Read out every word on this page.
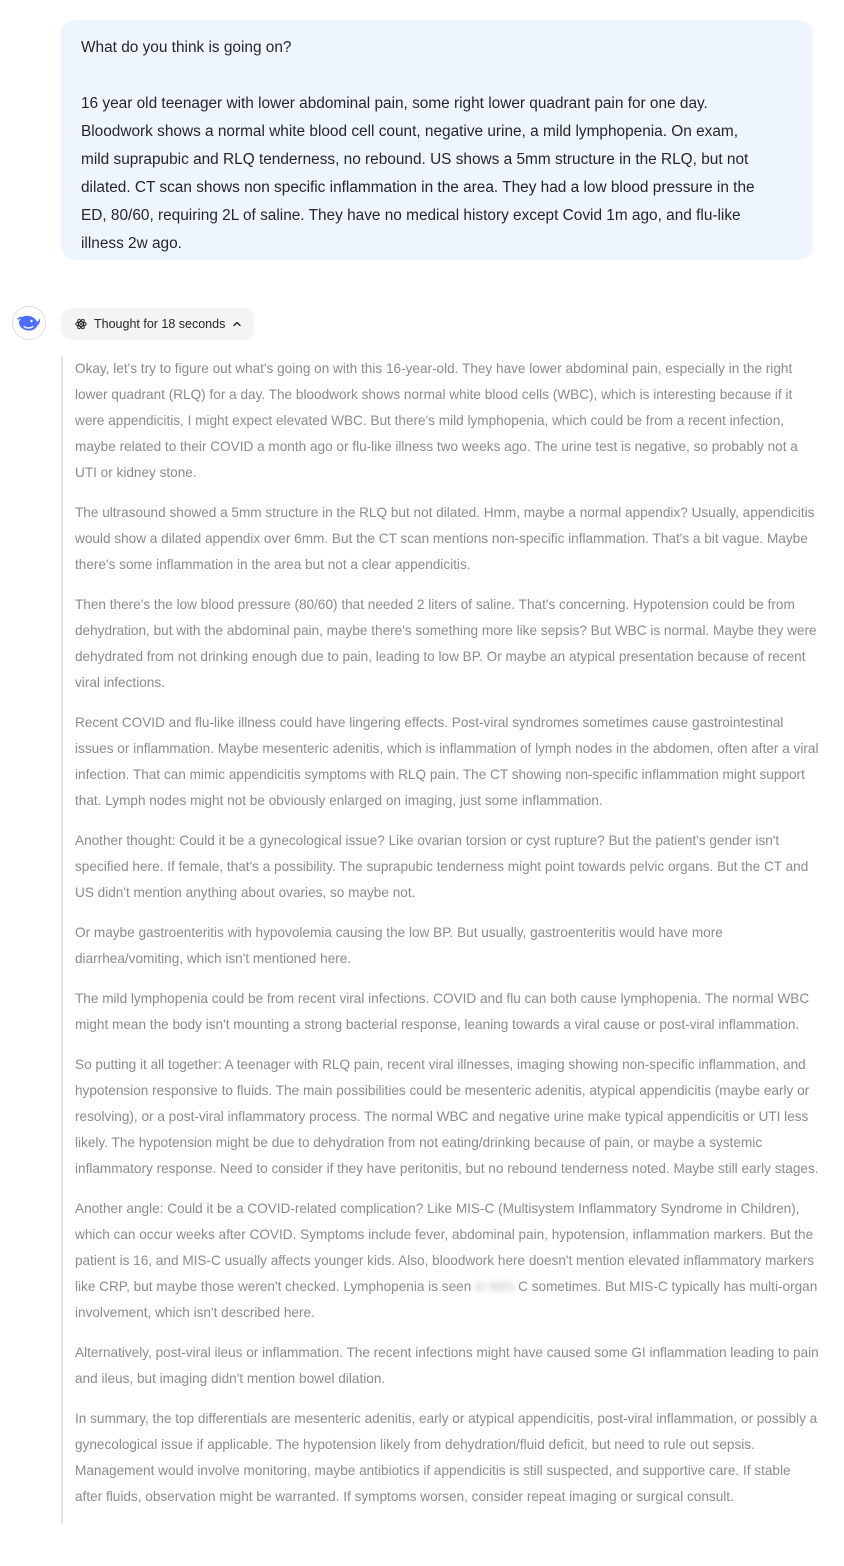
What do you think is going on?

16 year old teenager with lower abdominal pain, some right lower quadrant pain for one day.

Bloodwork shows a normal white blood cell count, negative urine, a mild lymphopenia. On exam,

mild suprapubic and RLQ tenderness, no rebound. US shows a 5mm structure in the RLQ, but not

dilated. CT scan shows non specific inflammation in the area. They had a low blood pressure in the

ED, 80/60, requiring 2L of saline. They have no medical history except Covid 1m ago, and flu-like

illness 2w ago.

Thought for 18 seconds

Okay, let's try to figure out what's going on with this 16-year-old. They have lower abdominal pain, especially in the right lower quadrant (RLQ) for a day. The bloodwork shows normal white blood cells (WBC), which is interesting because if it were appendicitis, I might expect elevated WBC. But there's mild lymphopenia, which could be from a recent infection, maybe related to their COVID a month ago or flu-like illness two weeks ago. The urine test is negative, so probably not a UTI or kidney stone.

The ultrasound showed a 5mm structure in the RLQ but not dilated. Hmm, maybe a normal appendix? Usually, appendicitis would show a dilated appendix over 6mm. But the CT scan mentions non-specific inflammation. That's a bit vague. Maybe there's some inflammation in the area but not a clear appendicitis.

Then there's the low blood pressure (80/60) that needed 2 liters of saline. That's concerning. Hypotension could be from dehydration, but with the abdominal pain, maybe there's something more like sepsis? But WBC is normal. Maybe they were dehydrated from not drinking enough due to pain, leading to low BP. Or maybe an atypical presentation because of recent viral infections.

Recent COVID and flu-like illness could have lingering effects. Post-viral syndromes sometimes cause gastrointestinal issues or inflammation. Maybe mesenteric adenitis, which is inflammation of lymph nodes in the abdomen, often after a viral infection. That can mimic appendicitis symptoms with RLQ pain. The CT showing non-specific inflammation might support that. Lymph nodes might not be obviously enlarged on imaging, just some inflammation.

Another thought: Could it be a gynecological issue? Like ovarian torsion or cyst rupture? But the patient's gender isn't specified here. If female, that's a possibility. The suprapubic tenderness might point towards pelvic organs. But the CT and US didn't mention anything about ovaries, so maybe not.

Or maybe gastroenteritis with hypovolemia causing the low BP. But usually, gastroenteritis would have more diarrhea/vomiting, which isn't mentioned here.

The mild lymphopenia could be from recent viral infections. COVID and flu can both cause lymphopenia. The normal WBC might mean the body isn't mounting a strong bacterial response, leaning towards a viral cause or post-viral inflammation.

So putting it all together: A teenager with RLQ pain, recent viral illnesses, imaging showing non-specific inflammation, and hypotension responsive to fluids. The main possibilities could be mesenteric adenitis, atypical appendicitis (maybe early or resolving), or a post-viral inflammatory process. The normal WBC and negative urine make typical appendicitis or UTI less likely. The hypotension might be due to dehydration from not eating/drinking because of pain, or maybe a systemic inflammatory response. Need to consider if they have peritonitis, but no rebound tenderness noted. Maybe still early stages.

Another angle: Could it be a COVID-related complication? Like MIS-C (Multisystem Inflammatory Syndrome in Children), which can occur weeks after COVID. Symptoms include fever, abdominal pain, hypotension, inflammation markers. But the patient is 16, and MIS-C usually affects younger kids. Also, bloodwork here doesn't mention elevated inflammatory markers like CRP, but maybe those weren't checked. Lymphopenia is seen in MIS-C sometimes. But MIS-C typically has multi-organ involvement, which isn't described here.

Alternatively, post-viral ileus or inflammation. The recent infections might have caused some GI inflammation leading to pain and ileus, but imaging didn't mention bowel dilation.

In summary, the top differentials are mesenteric adenitis, early or atypical appendicitis, post-viral inflammation, or possibly a gynecological issue if applicable. The hypotension likely from dehydration/fluid deficit, but need to rule out sepsis. Management would involve monitoring, maybe antibiotics if appendicitis is still suspected, and supportive care. If stable after fluids, observation might be warranted. If symptoms worsen, consider repeat imaging or surgical consult.
